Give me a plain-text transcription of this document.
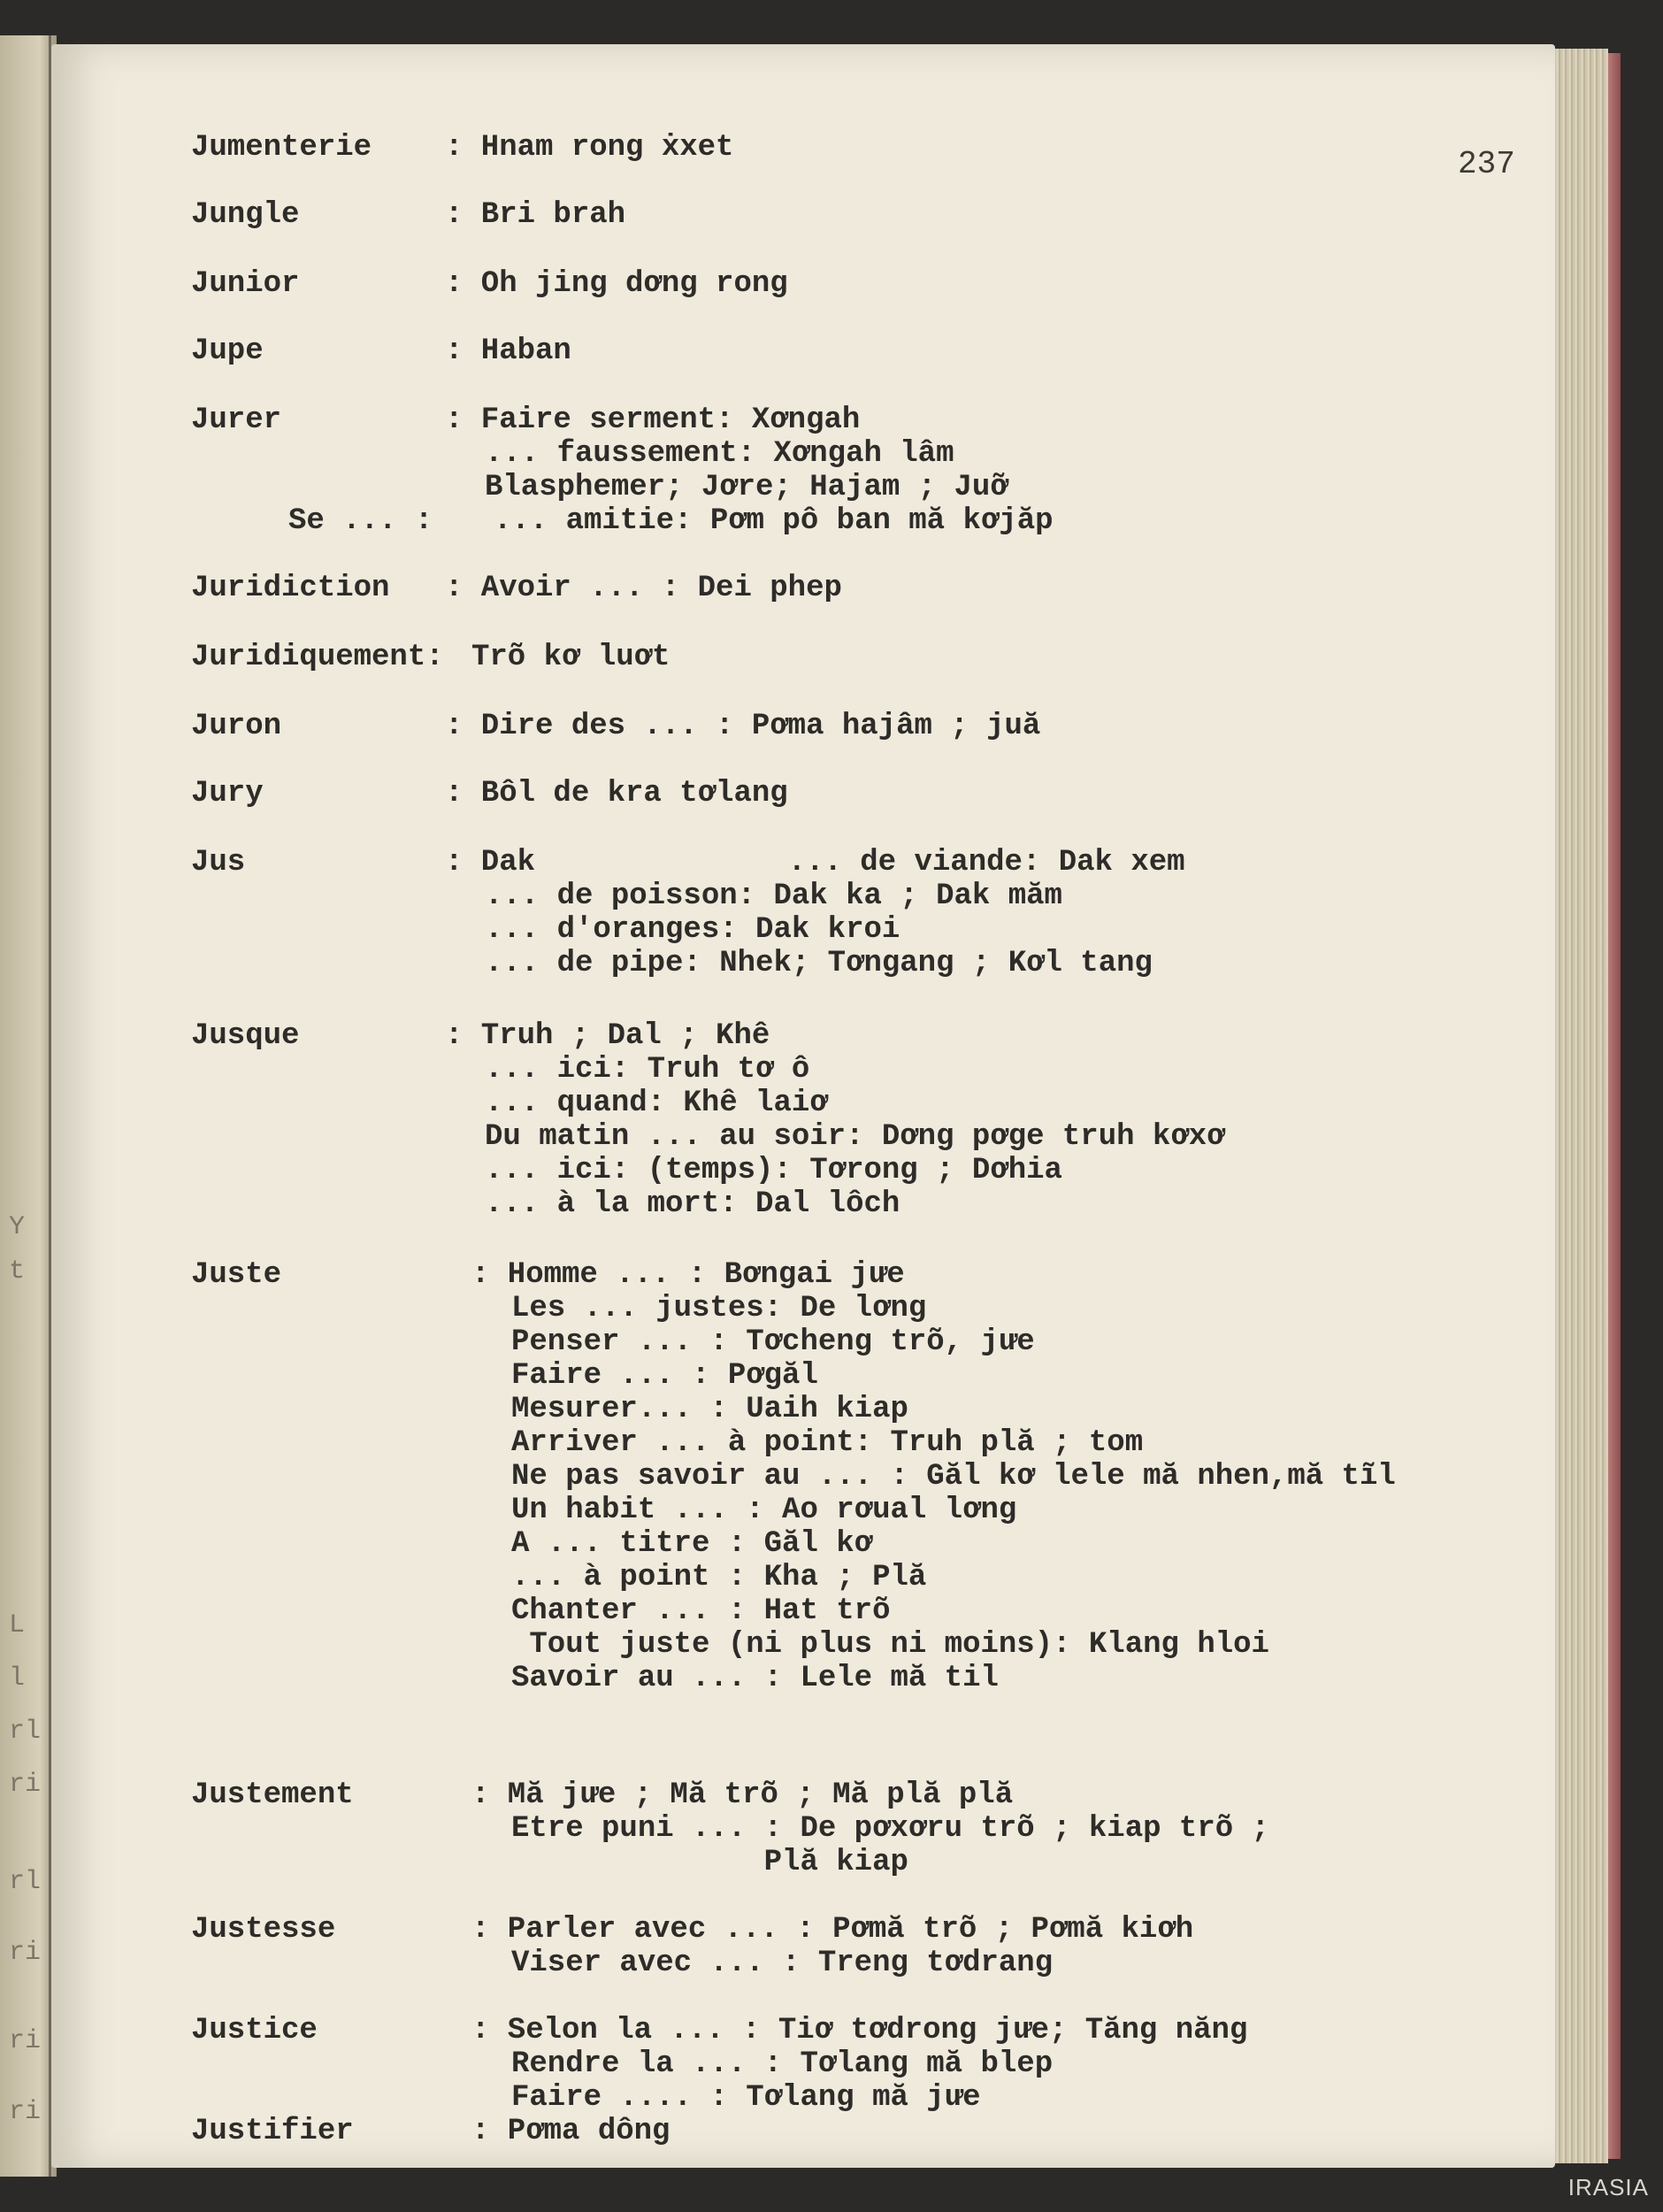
Y
t
L
l
rl
ri
rl
ri
ri
ri
237
Jumenterie : Hnam rong ẋxet
Jungle	: Bri brah
Junior	: Oh jing dơng rong
Jupe	: Haban
Jurer	: Faire serment: Xơngah
... faussement: Xơngah lâm
Blasphemer; Jơre; Hajam ; Juỡ
Se ... : ... amitie: Pơm pô ban mă kơjăp
Juridiction : Avoir ... : Dei phep
Juridiquement: Trõ kơ luơt
Juron	: Dire des ... : Pơma hajâm ; juă
Jury	: Bôl de kra tơlang
Jus	: Dak              ... de viande: Dak xem
... de poisson: Dak ka ; Dak măm
... d'oranges: Dak kroi
... de pipe: Nhek; Tơngang ; Kơl tang
Jusque	: Truh ; Dal ; Khê
... ici: Truh tơ ô
... quand: Khê laiơ
Du matin ... au soir: Dơng pơge truh kơxơ
... ici: (temps): Tơrong ; Dơhia
... à la mort: Dal lôch
Juste	: Homme ... : Bơngai jưe
Les ... justes: De lơng
Penser ... : Tơcheng trõ, jưe
Faire ... : Pơgăl
Mesurer... : Uaih kiap
Arriver ... à point: Truh plă ; tom
Ne pas savoir au ... : Găl kơ lele mă nhen,mă tĩl
Un habit ... : Ao rơual lơng
A ... titre : Găl kơ
... à point : Kha ; Plă
Chanter ... : Hat trõ
Tout juste (ni plus ni moins): Klang hloi
Savoir au ... : Lele mă til
Justement	: Mă jưe ; Mă trõ ; Mă plă plă
Etre puni ... : De pơxơru trõ ; kiap trõ ;
Plă kiap
Justesse	: Parler avec ... : Pơmă trõ ; Pơmă kiơh
Viser avec ... : Treng tơdrang
Justice	: Selon la ... : Tiơ tơdrong jưe; Tăng năng
Rendre la ... : Tơlang mă blep
Faire .... : Tơlang mă jưe
Justifier	: Pơma dông
IRASIA
